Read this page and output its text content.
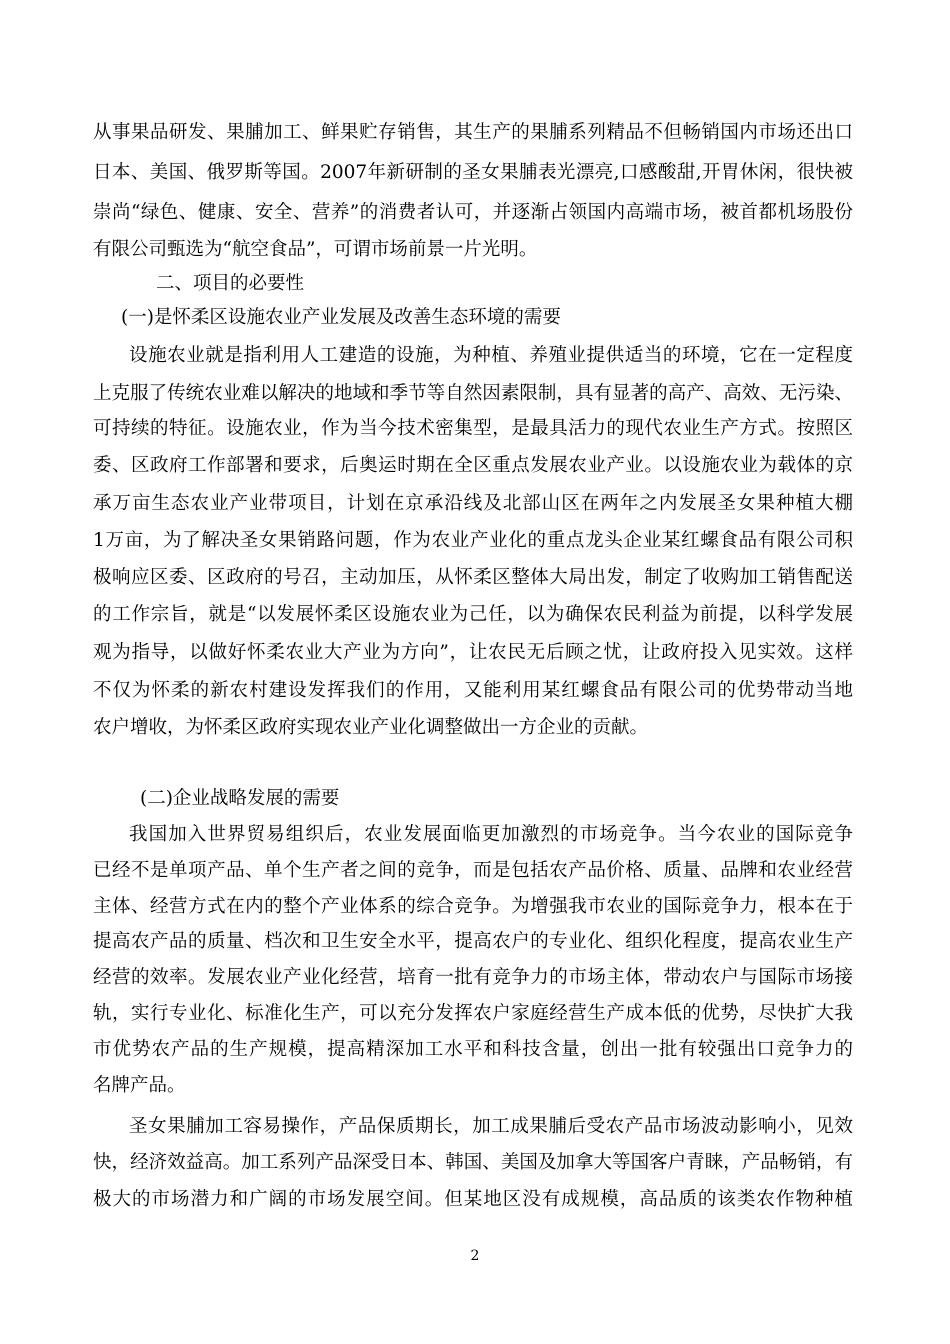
从事果品研发、果脯加工、鲜果贮存销售，其生产的果脯系列精品不但畅销国内市场还出口
日本、美国、俄罗斯等国。2007年新研制的圣女果脯表光漂亮,口感酸甜,开胃休闲，很快被
崇尚“绿色、健康、安全、营养”的消费者认可，并逐渐占领国内高端市场，被首都机场股份
有限公司甄选为“航空食品”，可谓市场前景一片光明。
二、项目的必要性
(一)是怀柔区设施农业产业发展及改善生态环境的需要
设施农业就是指利用人工建造的设施，为种植、养殖业提供适当的环境，它在一定程度
上克服了传统农业难以解决的地域和季节等自然因素限制，具有显著的高产、高效、无污染、
可持续的特征。设施农业，作为当今技术密集型，是最具活力的现代农业生产方式。按照区
委、区政府工作部署和要求，后奥运时期在全区重点发展农业产业。以设施农业为载体的京
承万亩生态农业产业带项目，计划在京承沿线及北部山区在两年之内发展圣女果种植大棚
1万亩，为了解决圣女果销路问题，作为农业产业化的重点龙头企业某红螺食品有限公司积
极响应区委、区政府的号召，主动加压，从怀柔区整体大局出发，制定了收购加工销售配送
的工作宗旨，就是“以发展怀柔区设施农业为己任，以为确保农民利益为前提，以科学发展
观为指导，以做好怀柔农业大产业为方向”，让农民无后顾之忧，让政府投入见实效。这样
不仅为怀柔的新农村建设发挥我们的作用，又能利用某红螺食品有限公司的优势带动当地
农户增收，为怀柔区政府实现农业产业化调整做出一方企业的贡献。
(二)企业战略发展的需要
我国加入世界贸易组织后，农业发展面临更加激烈的市场竞争。当今农业的国际竞争
已经不是单项产品、单个生产者之间的竞争，而是包括农产品价格、质量、品牌和农业经营
主体、经营方式在内的整个产业体系的综合竞争。为增强我市农业的国际竞争力，根本在于
提高农产品的质量、档次和卫生安全水平，提高农户的专业化、组织化程度，提高农业生产
经营的效率。发展农业产业化经营，培育一批有竞争力的市场主体，带动农户与国际市场接
轨，实行专业化、标准化生产，可以充分发挥农户家庭经营生产成本低的优势，尽快扩大我
市优势农产品的生产规模，提高精深加工水平和科技含量，创出一批有较强出口竞争力的
名牌产品。
圣女果脯加工容易操作，产品保质期长，加工成果脯后受农产品市场波动影响小，见效
快，经济效益高。加工系列产品深受日本、韩国、美国及加拿大等国客户青睐，产品畅销，有
极大的市场潜力和广阔的市场发展空间。但某地区没有成规模，高品质的该类农作物种植
2
